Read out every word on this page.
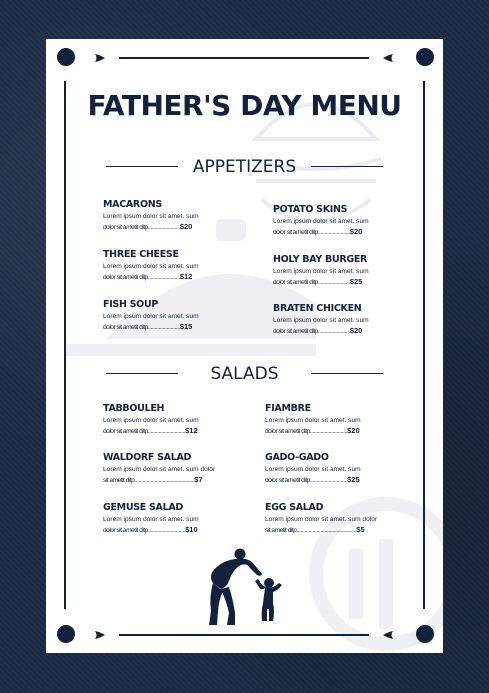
FATHER'S DAY MENU
APPETIZERS
MACARONS
Lorem ipsum dolor sit amet. sum
dolor sit ametit ditp........................$20
THREE CHEESE
Lorem ipsum dolor sit amet. sum
dolor sit ametit ditp........................$12
FISH SOUP
Lorem ipsum dolor sit amet. sum
dolor sit ametit ditp........................$15
POTATO SKINS
Lorem ipsum dolor sit amet. sum
dolor sit ametit ditp........................$20
HOLY BAY BURGER
Lorem ipsum dolor sit amet. sum
dolor sit ametit ditp........................$25
BRATEN CHICKEN
Lorem ipsum dolor sit amet. sum
dolor sit ametit ditp........................$20
SALADS
TABBOULEH
Lorem ipsum dolor sit amet. sum
dolor sit ametit ditp............................$12
WALDORF SALAD
Lorem ipsum dolor sit amet. sum dolor
sit ametit ditp.............................................$7
GEMUSE SALAD
Lorem ipsum dolor sit amet. sum
dolor sit ametit ditp............................$10
FIAMBRE
Lorem ipsum dolor sit amet. sum
dolor sit ametit ditp............................$20
GADO-GADO
Lorem ipsum dolor sit amet. sum
dolor sit ametit ditp............................$25
EGG SALAD
Lorem ipsum dolor sit amet. sum dolor
sit ametit ditp.............................................$5
